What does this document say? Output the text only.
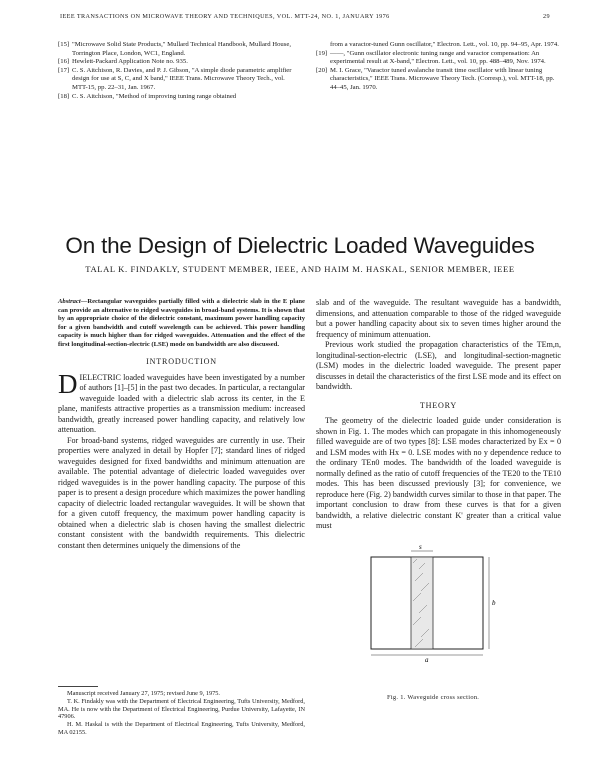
IEEE TRANSACTIONS ON MICROWAVE THEORY AND TECHNIQUES, VOL. MTT-24, NO. 1, JANUARY 1976	29
[15] "Microwave Solid State Products," Mullard Technical Handbook, Mullard House, Torrington Place, London, WC1, England.
[16] Hewlett-Packard Application Note no. 935.
[17] C. S. Aitchison, R. Davies, and P. J. Gibson, "A simple diode parametric amplifier design for use at S, C, and X band," IEEE Trans. Microwave Theory Tech., vol. MTT-15, pp. 22–31, Jan. 1967.
[18] C. S. Aitchison, "Method of improving tuning range obtained
from a varactor-tuned Gunn oscillator," Electron. Lett., vol. 10, pp. 94–95, Apr. 1974.
[19] ——, "Gunn oscillator electronic tuning range and varactor compensation: An experimental result at X-band," Electron. Lett., vol. 10, pp. 488–489, Nov. 1974.
[20] M. I. Grace, "Varactor tuned avalanche transit time oscillator with linear tuning characteristics," IEEE Trans. Microwave Theory Tech. (Corresp.), vol. MTT-18, pp. 44–45, Jan. 1970.
On the Design of Dielectric Loaded Waveguides
TALAL K. FINDAKLY, STUDENT MEMBER, IEEE, AND HAIM M. HASKAL, SENIOR MEMBER, IEEE
Abstract—Rectangular waveguides partially filled with a dielectric slab in the E plane can provide an alternative to ridged waveguides in broad-band systems. It is shown that by an appropriate choice of the dielectric constant, maximum power handling capacity for a given bandwidth and cutoff wavelength can be achieved. This power handling capacity is much higher than for ridged waveguides. Attenuation and the effect of the first longitudinal-section-electric (LSE) mode on bandwidth are also discussed.
INTRODUCTION

DIELECTRIC loaded waveguides have been investigated by a number of authors [1]–[5] in the past two decades. In particular, a rectangular waveguide loaded with a dielectric slab across its center, in the E plane, manifests attractive properties as a transmission medium: increased bandwidth, greatly increased power handling capacity, and relatively low attenuation.

For broad-band systems, ridged waveguides are currently in use. Their properties were analyzed in detail by Hopfer [7]; standard lines of ridged waveguides designed for fixed bandwidths and minimum attenuation are available. The potential advantage of dielectric loaded waveguides over ridged waveguides is in the power handling capacity. The purpose of this paper is to present a design procedure which maximizes the power handling capacity of dielectric loaded rectangular waveguides. It will be shown that for a given cutoff frequency, the maximum power handling capacity is obtained when a dielectric slab is chosen having the smallest dielectric constant consistent with the bandwidth requirements. This dielectric constant then determines uniquely the dimensions of the

slab and of the waveguide. The resultant waveguide has a bandwidth, dimensions, and attenuation comparable to those of the ridged waveguide but a power handling capacity about six to seven times higher around the frequency of minimum attenuation.

Previous work studied the propagation characteristics of the TEm,n, longitudinal-section-electric (LSE), and longitudinal-section-magnetic (LSM) modes in the dielectric loaded waveguide. The present paper discusses in detail the characteristics of the first LSE mode and its effect on bandwidth.

THEORY

The geometry of the dielectric loaded guide under consideration is shown in Fig. 1. The modes which can propagate in this inhomogeneously filled waveguide are of two types [8]: LSE modes characterized by Ex = 0 and LSM modes with Hx = 0. LSE modes with no y dependence reduce to the ordinary TEn0 modes. The bandwidth of the loaded waveguide is normally defined as the ratio of cutoff frequencies of the TE20 to the TE10 modes. This has been discussed previously [3]; for convenience, we reproduce here (Fig. 2) bandwidth curves similar to those in that paper. The important conclusion to draw from these curves is that for a given bandwidth, a relative dielectric constant K' greater than a critical value must

Manuscript received January 27, 1975; revised June 9, 1975.

T. K. Findakly was with the Department of Electrical Engineering, Tufts University, Medford, MA. He is now with the Department of Electrical Engineering, Purdue University, Lafayette, IN 47906.

H. M. Haskal is with the Department of Electrical Engineering, Tufts University, Medford, MA 02155.

a
b
s
Fig. 1. Waveguide cross section.
